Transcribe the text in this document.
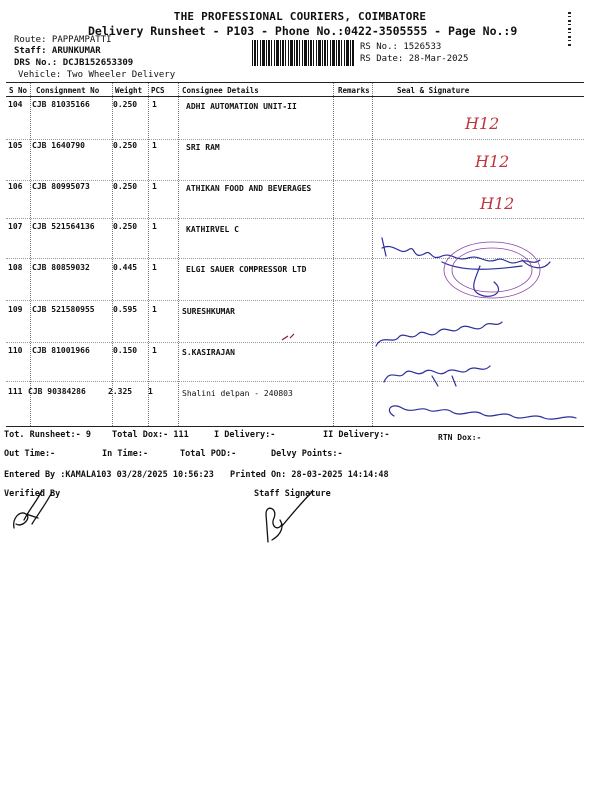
THE PROFESSIONAL COURIERS, COIMBATORE
Delivery Runsheet - P103 - Phone No.:0422-3505555 - Page No.:9
Route: PAPPAMPATTI
Staff: ARUNKUMAR
DRS No.: DCJB152653309
Vehicle: Two Wheeler Delivery
RS No.: 1526533
RS Date: 28-Mar-2025
S No Consignment No Weight PCS Consignee Details	Remarks	Seal & Signature
104 CJB 81035166	0.250 1	ADHI AUTOMATION UNIT-II
H12
105 CJB 1640790	0.250 1	SRI RAM
H12
106 CJB 80995073	0.250 1	ATHIKAN FOOD AND BEVERAGES
H12
107 CJB 521564136 0.250 1	KATHIRVEL C
108 CJB 80859032	0.445 1	ELGI SAUER COMPRESSOR LTD
109 CJB 521580955 0.595 1	SURESHKUMAR
110 CJB 81001966	0.150 1	S.KASIRAJAN
111 CJB 90384286	2.325 1	Shalini delpan - 240803
Tot. Runsheet:- 9 Total Dox:- 111	I Delivery:-	II Delivery:-	RTN Dox:-
Out Time:-	In Time:-	Total POD:-	Delvy Points:-
Entered By :KAMALA103 03/28/2025 10:56:23 Printed On: 28-03-2025 14:14:48
Verified By	Staff Signature
